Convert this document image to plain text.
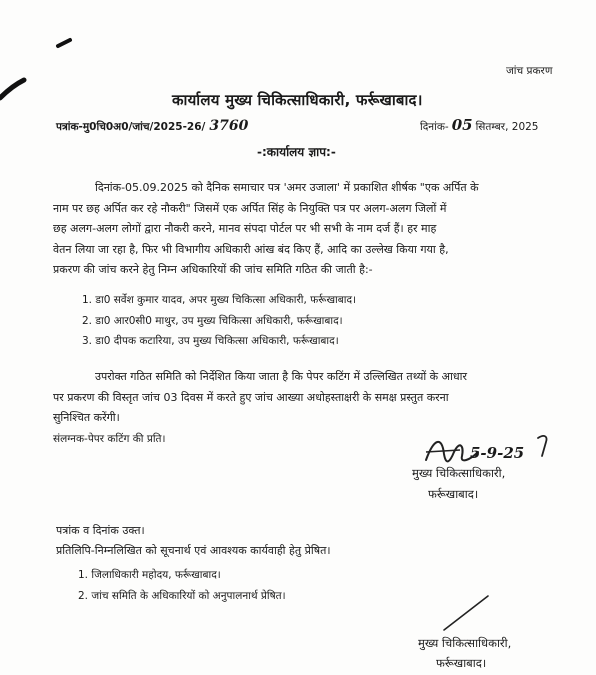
जांच प्रकरण
कार्यालय मुख्य चिकित्साधिकारी, फर्रूखाबाद।
पत्रांक-मु0चि0अ0/जांच/2025-26/ 3760	दिनांक- 05 सितम्बर, 2025
-:कार्यालय ज्ञाप:-
दिनांक-05.09.2025 को दैनिक समाचार पत्र 'अमर उजाला' में प्रकाशित शीर्षक "एक अर्पित के
नाम पर छह अर्पित कर रहे नौकरी" जिसमें एक अर्पित सिंह के नियुक्ति पत्र पर अलग-अलग जिलों में
छह अलग-अलग लोगों द्वारा नौकरी करने, मानव संपदा पोर्टल पर भी सभी के नाम दर्ज हैं। हर माह
वेतन लिया जा रहा है, फिर भी विभागीय अधिकारी आंख बंद किए हैं, आदि का उल्लेख किया गया है,
प्रकरण की जांच करने हेतु निम्न अधिकारियों की जांच समिति गठित की जाती है:-
1. डा0 सर्वेश कुमार यादव, अपर मुख्य चिकित्सा अधिकारी, फर्रूखाबाद।
2. डा0 आर0सी0 माथुर, उप मुख्य चिकित्सा अधिकारी, फर्रूखाबाद।
3. डा0 दीपक कटारिया, उप मुख्य चिकित्सा अधिकारी, फर्रूखाबाद।
उपरोक्त गठित समिति को निर्देशित किया जाता है कि पेपर कटिंग में उल्लिखित तथ्यों के आधार
पर प्रकरण की विस्तृत जांच 03 दिवस में करते हुए जांच आख्या अधोहस्ताक्षरी के समक्ष प्रस्तुत करना
सुनिश्चित करेंगी।
संलग्नक-पेपर कटिंग की प्रति।
5-9-25
मुख्य चिकित्साधिकारी,
फर्रूखाबाद।
पत्रांक व दिनांक उक्त।
प्रतिलिपि-निम्नलिखित को सूचनार्थ एवं आवश्यक कार्यवाही हेतु प्रेषित।
1. जिलाधिकारी महोदय, फर्रूखाबाद।
2. जांच समिति के अधिकारियों को अनुपालनार्थ प्रेषित।
मुख्य चिकित्साधिकारी,
फर्रूखाबाद।
